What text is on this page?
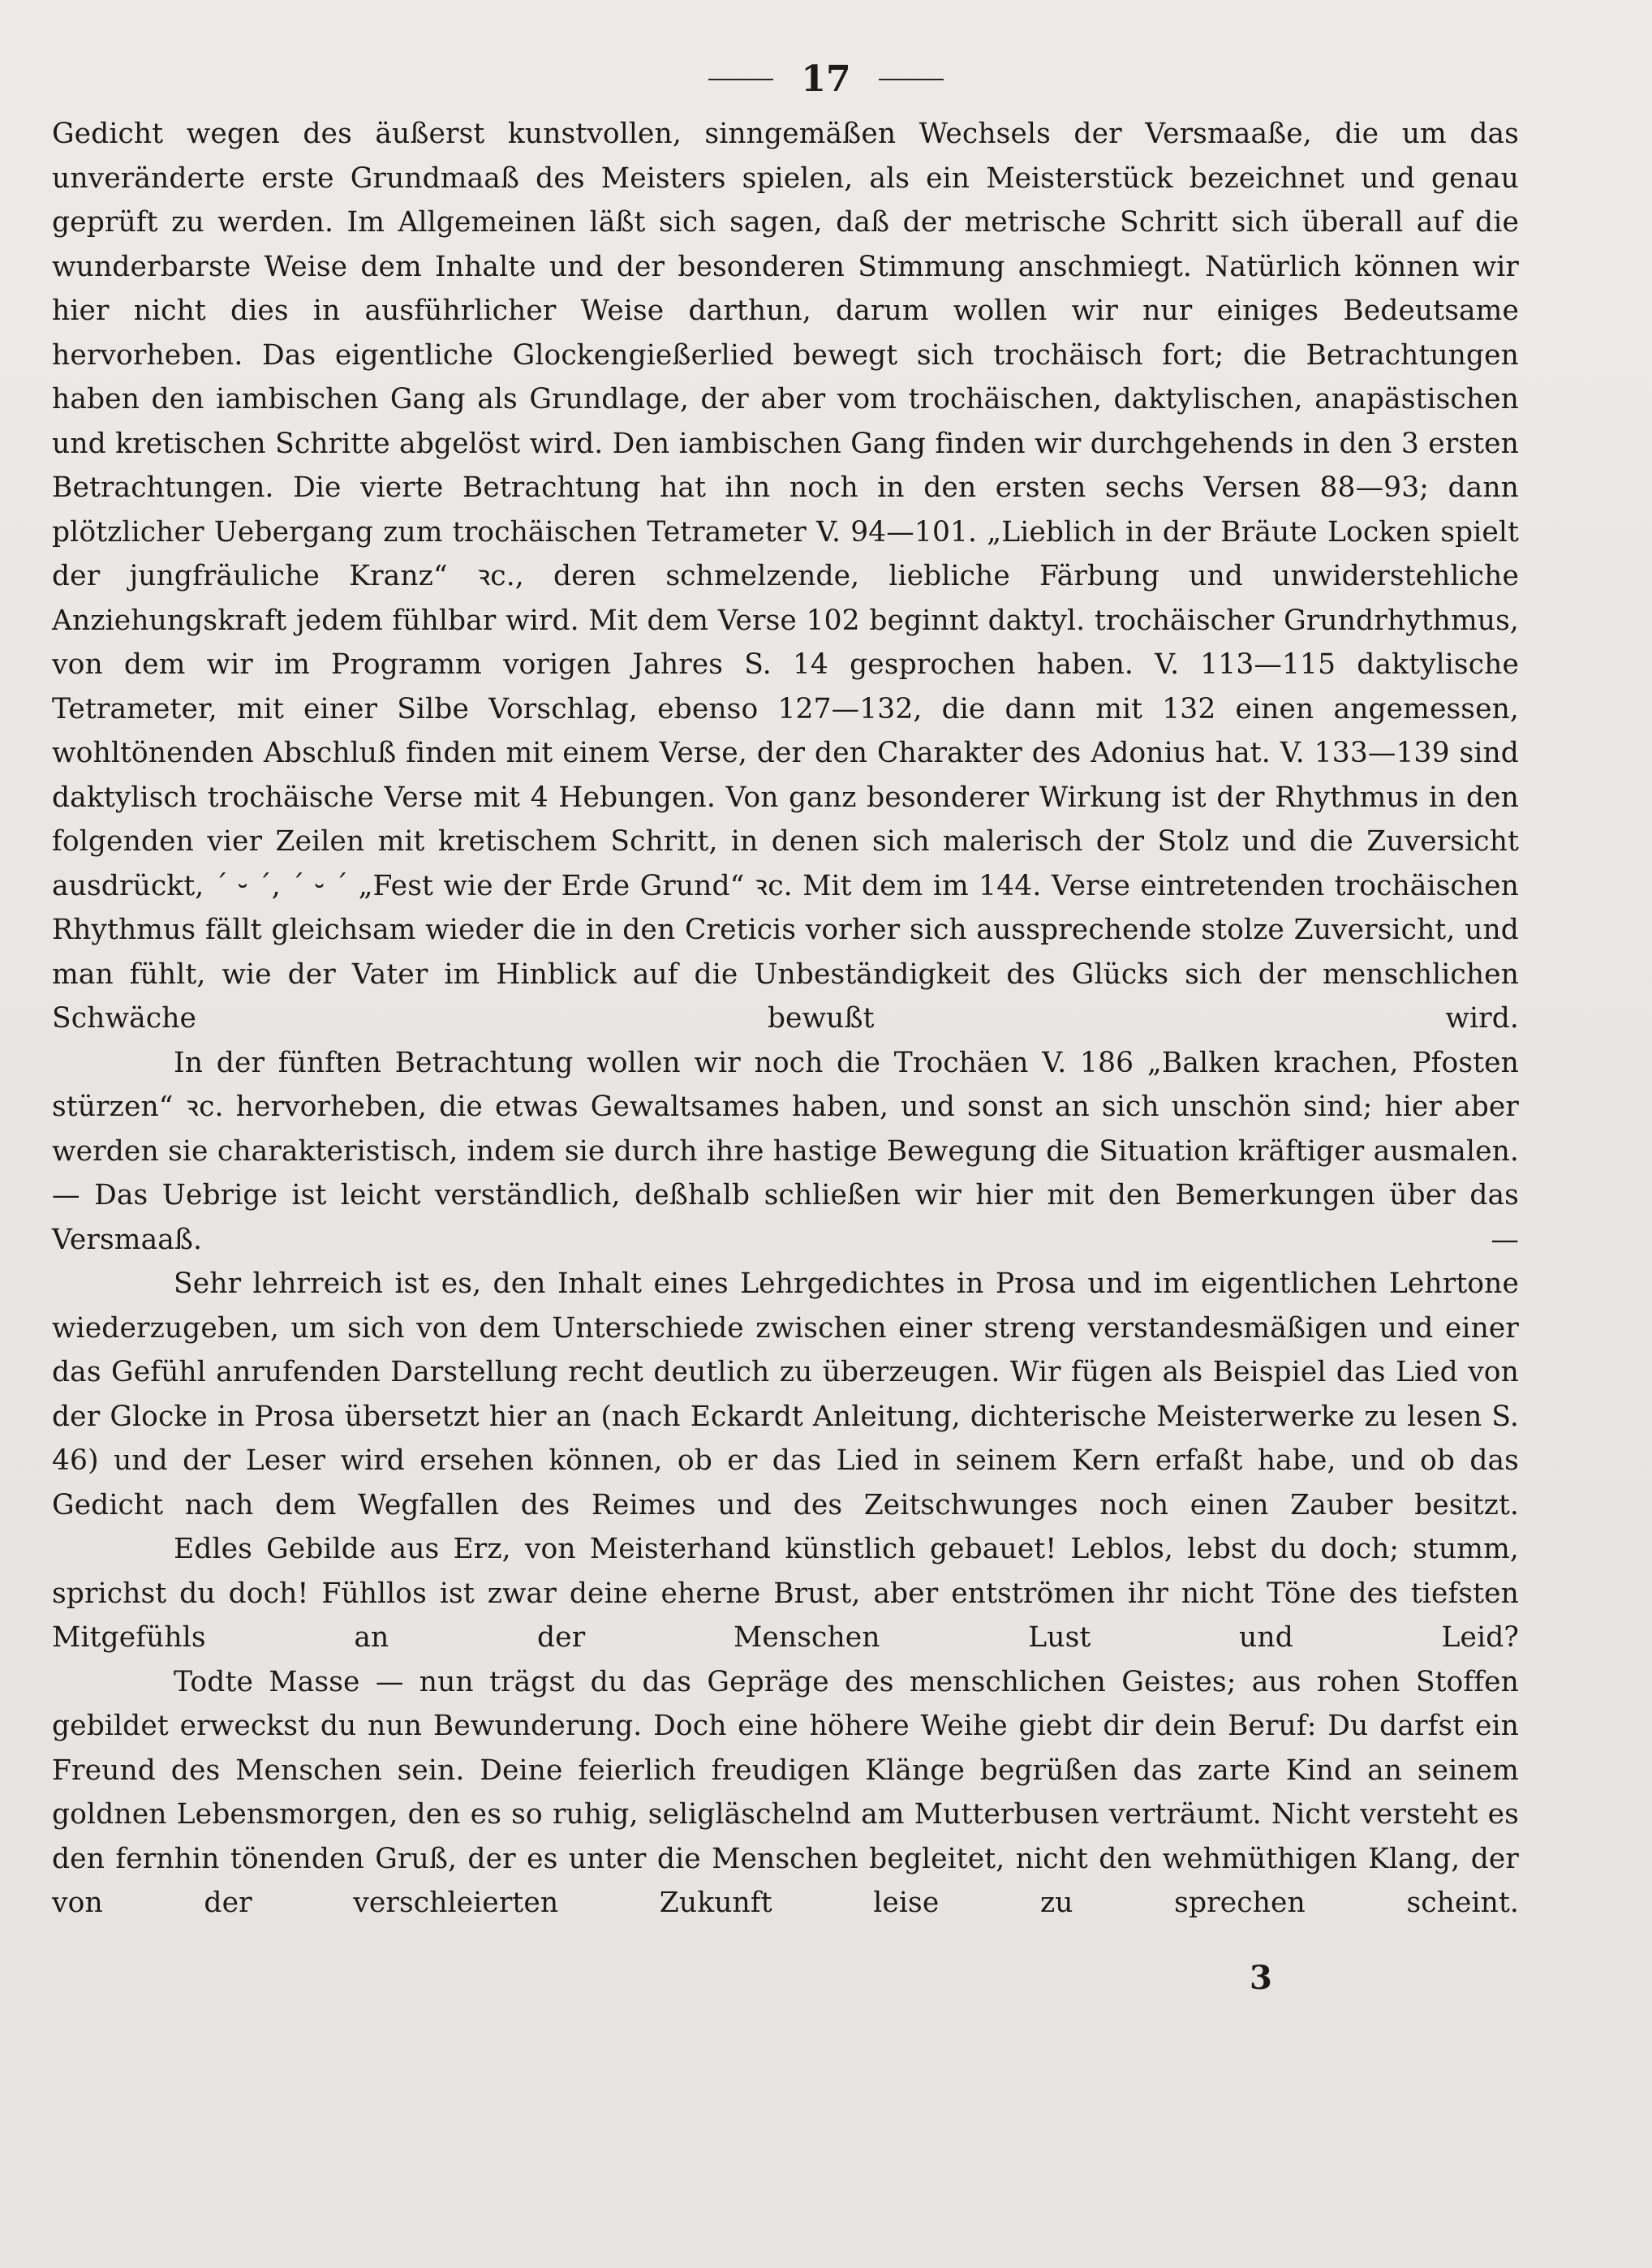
17

Gedicht wegen des äußerst kunstvollen, sinngemäßen Wechsels der Versmaaße, die um das unveränderte erste Grundmaaß des Meisters spielen, als ein Meisterstück bezeichnet und genau geprüft zu werden. Im Allgemeinen läßt sich sagen, daß der metrische Schritt sich überall auf die wunderbarste Weise dem Inhalte und der besonderen Stimmung anschmiegt. Natürlich können wir hier nicht dies in ausführlicher Weise darthun, darum wollen wir nur einiges Bedeutsame hervorheben. Das eigentliche Glockengießerlied bewegt sich trochäisch fort; die Betrachtungen haben den iambischen Gang als Grundlage, der aber vom trochäischen, daktylischen, anapästischen und kretischen Schritte abgelöst wird. Den iambischen Gang finden wir durchgehends in den 3 ersten Betrachtungen. Die vierte Betrachtung hat ihn noch in den ersten sechs Versen 88—93; dann plötzlicher Uebergang zum trochäischen Tetrameter V. 94—101. „Lieblich in der Bräute Locken spielt der jungfräuliche Kranz“ ꝛc., deren schmelzende, liebliche Färbung und unwiderstehliche Anziehungskraft jedem fühlbar wird. Mit dem Verse 102 beginnt daktyl. trochäischer Grundrhythmus, von dem wir im Programm vorigen Jahres S. 14 gesprochen haben. V. 113—115 daktylische Tetrameter, mit einer Silbe Vorschlag, ebenso 127—132, die dann mit 132 einen angemessen, wohltönenden Abschluß finden mit einem Verse, der den Charakter des Adonius hat. V. 133—139 sind daktylisch trochäische Verse mit 4 Hebungen. Von ganz besonderer Wirkung ist der Rhythmus in den folgenden vier Zeilen mit kretischem Schritt, in denen sich malerisch der Stolz und die Zuversicht ausdrückt, ´ ⏑ ´, ´ ⏑ ´ „Fest wie der Erde Grund“ ꝛc. Mit dem im 144. Verse eintretenden trochäischen Rhythmus fällt gleichsam wieder die in den Creticis vorher sich aussprechende stolze Zuversicht, und man fühlt, wie der Vater im Hinblick auf die Unbeständigkeit des Glücks sich der menschlichen Schwäche bewußt wird.

In der fünften Betrachtung wollen wir noch die Trochäen V. 186 „Balken krachen, Pfosten stürzen“ ꝛc. hervorheben, die etwas Gewaltsames haben, und sonst an sich unschön sind; hier aber werden sie charakteristisch, indem sie durch ihre hastige Bewegung die Situation kräftiger ausmalen. — Das Uebrige ist leicht verständlich, deßhalb schließen wir hier mit den Bemerkungen über das Versmaaß. —

Sehr lehrreich ist es, den Inhalt eines Lehrgedichtes in Prosa und im eigentlichen Lehrtone wiederzugeben, um sich von dem Unterschiede zwischen einer streng verstandesmäßigen und einer das Gefühl anrufenden Darstellung recht deutlich zu überzeugen. Wir fügen als Beispiel das Lied von der Glocke in Prosa übersetzt hier an (nach Eckardt Anleitung, dichterische Meisterwerke zu lesen S. 46) und der Leser wird ersehen können, ob er das Lied in seinem Kern erfaßt habe, und ob das Gedicht nach dem Wegfallen des Reimes und des Zeitschwunges noch einen Zauber besitzt.

Edles Gebilde aus Erz, von Meisterhand künstlich gebauet! Leblos, lebst du doch; stumm, sprichst du doch! Fühllos ist zwar deine eherne Brust, aber entströmen ihr nicht Töne des tiefsten Mitgefühls an der Menschen Lust und Leid?

Todte Masse — nun trägst du das Gepräge des menschlichen Geistes; aus rohen Stoffen gebildet erweckst du nun Bewunderung. Doch eine höhere Weihe giebt dir dein Beruf: Du darfst ein Freund des Menschen sein. Deine feierlich freudigen Klänge begrüßen das zarte Kind an seinem goldnen Lebensmorgen, den es so ruhig, seligläschelnd am Mutterbusen verträumt. Nicht versteht es den fernhin tönenden Gruß, der es unter die Menschen begleitet, nicht den wehmüthigen Klang, der von der verschleierten Zukunft leise zu sprechen scheint.

3
